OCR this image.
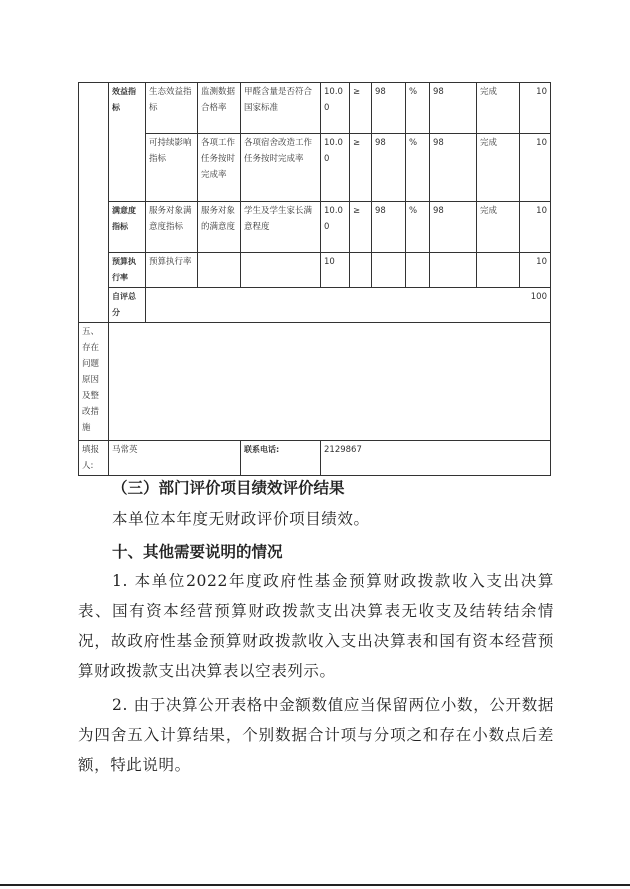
	效益指标	生态效益指标	监测数据合格率	甲醛含量是否符合国家标准	10.00	≥	98	%	98	完成	10
		可持续影响指标	各项工作任务按时完成率	各项宿舍改造工作任务按时完成率	10.00	≥	98	%	98	完成	10
	满意度指标	服务对象满意度指标	服务对象的满意度	学生及学生家长满意程度	10.00	≥	98	%	98	完成	10
	预算执行率	预算执行率			10						10
	自评总分	100									
五、存在问题原因及整改措施											
填报人:	马常英			联系电话:	2129867						
（三）部门评价项目绩效评价结果
本单位本年度无财政评价项目绩效。
十、其他需要说明的情况
1. 本单位2022年度政府性基金预算财政拨款收入支出决算表、国有资本经营预算财政拨款支出决算表无收支及结转结余情况，故政府性基金预算财政拨款收入支出决算表和国有资本经营预算财政拨款支出决算表以空表列示。
2. 由于决算公开表格中金额数值应当保留两位小数，公开数据为四舍五入计算结果，个别数据合计项与分项之和存在小数点后差额，特此说明。
